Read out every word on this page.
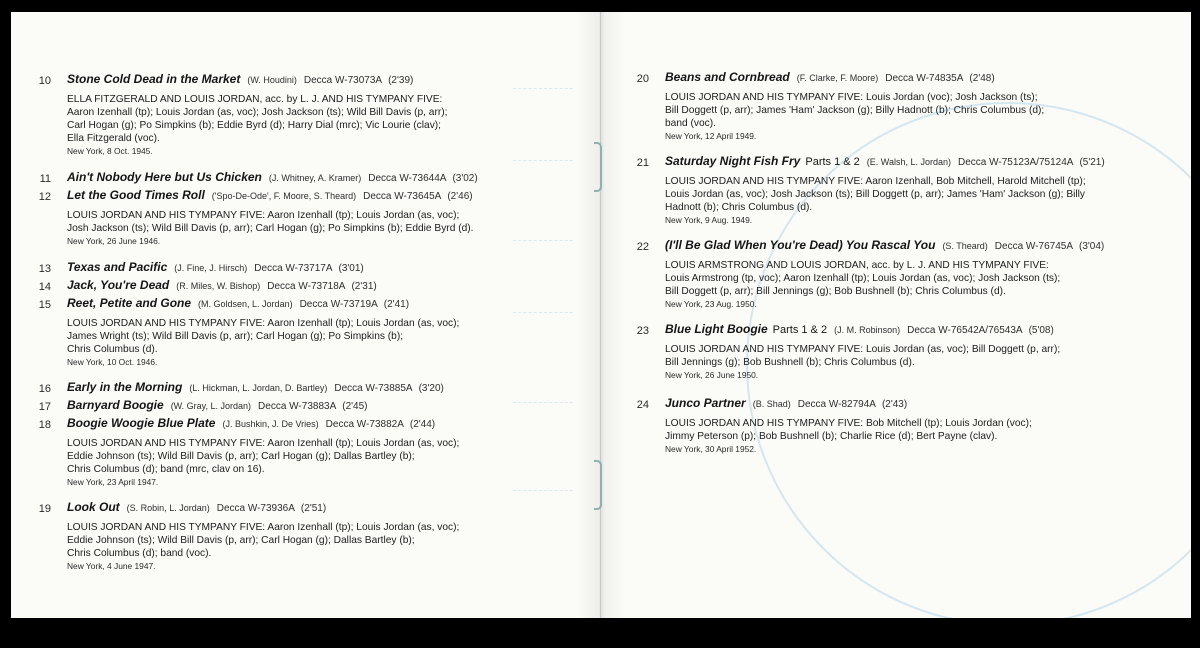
10 Stone Cold Dead in the Market (W. Houdini) Decca W-73073A (2'39)
ELLA FITZGERALD AND LOUIS JORDAN, acc. by L. J. AND HIS TYMPANY FIVE:
Aaron Izenhall (tp); Louis Jordan (as, voc); Josh Jackson (ts); Wild Bill Davis (p, arr);
Carl Hogan (g); Po Simpkins (b); Eddie Byrd (d); Harry Dial (mrc); Vic Lourie (clav);
Ella Fitzgerald (voc).
New York, 8 Oct. 1945.
11 Ain't Nobody Here but Us Chicken (J. Whitney, A. Kramer) Decca W-73644A (3'02)
12 Let the Good Times Roll ('Spo-De-Ode', F. Moore, S. Theard) Decca W-73645A (2'46)
LOUIS JORDAN AND HIS TYMPANY FIVE: Aaron Izenhall (tp); Louis Jordan (as, voc);
Josh Jackson (ts); Wild Bill Davis (p, arr); Carl Hogan (g); Po Simpkins (b); Eddie Byrd (d).
New York, 26 June 1946.
13 Texas and Pacific (J. Fine, J. Hirsch) Decca W-73717A (3'01)
14 Jack, You're Dead (R. Miles, W. Bishop) Decca W-73718A (2'31)
15 Reet, Petite and Gone (M. Goldsen, L. Jordan) Decca W-73719A (2'41)
LOUIS JORDAN AND HIS TYMPANY FIVE: Aaron Izenhall (tp); Louis Jordan (as, voc);
James Wright (ts); Wild Bill Davis (p, arr); Carl Hogan (g); Po Simpkins (b);
Chris Columbus (d).
New York, 10 Oct. 1946.
16 Early in the Morning (L. Hickman, L. Jordan, D. Bartley) Decca W-73885A (3'20)
17 Barnyard Boogie (W. Gray, L. Jordan) Decca W-73883A (2'45)
18 Boogie Woogie Blue Plate (J. Bushkin, J. De Vries) Decca W-73882A (2'44)
LOUIS JORDAN AND HIS TYMPANY FIVE: Aaron Izenhall (tp); Louis Jordan (as, voc);
Eddie Johnson (ts); Wild Bill Davis (p, arr); Carl Hogan (g); Dallas Bartley (b);
Chris Columbus (d); band (mrc, clav on 16).
New York, 23 April 1947.
19 Look Out (S. Robin, L. Jordan) Decca W-73936A (2'51)
LOUIS JORDAN AND HIS TYMPANY FIVE: Aaron Izenhall (tp); Louis Jordan (as, voc);
Eddie Johnson (ts); Wild Bill Davis (p, arr); Carl Hogan (g); Dallas Bartley (b);
Chris Columbus (d); band (voc).
New York, 4 June 1947.
20 Beans and Cornbread (F. Clarke, F. Moore) Decca W-74835A (2'48)
LOUIS JORDAN AND HIS TYMPANY FIVE: Louis Jordan (voc); Josh Jackson (ts);
Bill Doggett (p, arr); James 'Ham' Jackson (g); Billy Hadnott (b); Chris Columbus (d);
band (voc).
New York, 12 April 1949.
21 Saturday Night Fish Fry Parts 1 & 2 (E. Walsh, L. Jordan) Decca W-75123A/75124A (5'21)
LOUIS JORDAN AND HIS TYMPANY FIVE: Aaron Izenhall, Bob Mitchell, Harold Mitchell (tp);
Louis Jordan (as, voc); Josh Jackson (ts); Bill Doggett (p, arr); James 'Ham' Jackson (g); Billy
Hadnott (b); Chris Columbus (d).
New York, 9 Aug. 1949.
22 (I'll Be Glad When You're Dead) You Rascal You (S. Theard) Decca W-76745A (3'04)
LOUIS ARMSTRONG AND LOUIS JORDAN, acc. by L. J. AND HIS TYMPANY FIVE:
Louis Armstrong (tp, voc); Aaron Izenhall (tp); Louis Jordan (as, voc); Josh Jackson (ts);
Bill Doggett (p, arr); Bill Jennings (g); Bob Bushnell (b); Chris Columbus (d).
New York, 23 Aug. 1950.
23 Blue Light Boogie Parts 1 & 2 (J. M. Robinson) Decca W-76542A/76543A (5'08)
LOUIS JORDAN AND HIS TYMPANY FIVE: Louis Jordan (as, voc); Bill Doggett (p, arr);
Bill Jennings (g); Bob Bushnell (b); Chris Columbus (d).
New York, 26 June 1950.
24 Junco Partner (B. Shad) Decca W-82794A (2'43)
LOUIS JORDAN AND HIS TYMPANY FIVE: Bob Mitchell (tp); Louis Jordan (voc);
Jimmy Peterson (p); Bob Bushnell (b); Charlie Rice (d); Bert Payne (clav).
New York, 30 April 1952.
